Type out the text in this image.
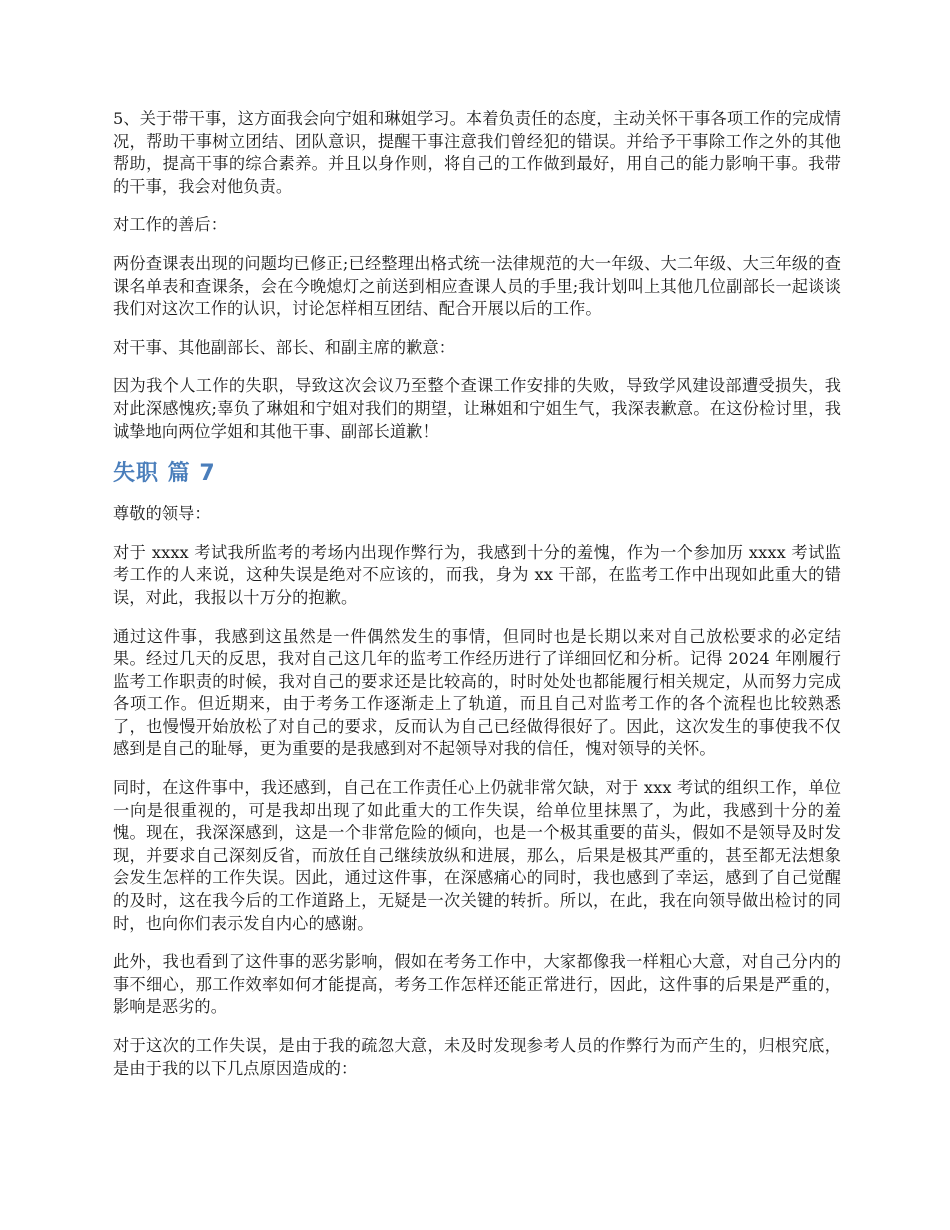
5、关于带干事，这方面我会向宁姐和琳姐学习。本着负责任的态度，主动关怀干事各项工作的完成情况，帮助干事树立团结、团队意识，提醒干事注意我们曾经犯的错误。并给予干事除工作之外的其他帮助，提高干事的综合素养。并且以身作则，将自己的工作做到最好，用自己的能力影响干事。我带的干事，我会对他负责。

对工作的善后：

两份查课表出现的问题均已修正;已经整理出格式统一法律规范的大一年级、大二年级、大三年级的查课名单表和查课条，会在今晚熄灯之前送到相应查课人员的手里;我计划叫上其他几位副部长一起谈谈我们对这次工作的认识，讨论怎样相互团结、配合开展以后的工作。

对干事、其他副部长、部长、和副主席的歉意：

因为我个人工作的失职，导致这次会议乃至整个查课工作安排的失败，导致学风建设部遭受损失，我对此深感愧疚;辜负了琳姐和宁姐对我们的期望，让琳姐和宁姐生气，我深表歉意。在这份检讨里，我诚挚地向两位学姐和其他干事、副部长道歉！

失职 篇 7

尊敬的领导：

对于 xxxx 考试我所监考的考场内出现作弊行为，我感到十分的羞愧，作为一个参加历 xxxx 考试监考工作的人来说，这种失误是绝对不应该的，而我，身为 xx 干部，在监考工作中出现如此重大的错误，对此，我报以十万分的抱歉。

通过这件事，我感到这虽然是一件偶然发生的事情，但同时也是长期以来对自己放松要求的必定结果。经过几天的反思，我对自己这几年的监考工作经历进行了详细回忆和分析。记得 2024 年刚履行监考工作职责的时候，我对自己的要求还是比较高的，时时处处也都能履行相关规定，从而努力完成各项工作。但近期来，由于考务工作逐渐走上了轨道，而且自己对监考工作的各个流程也比较熟悉了，也慢慢开始放松了对自己的要求，反而认为自己已经做得很好了。因此，这次发生的事使我不仅感到是自己的耻辱，更为重要的是我感到对不起领导对我的信任，愧对领导的关怀。

同时，在这件事中，我还感到，自己在工作责任心上仍就非常欠缺，对于 xxx 考试的组织工作，单位一向是很重视的，可是我却出现了如此重大的工作失误，给单位里抹黑了，为此，我感到十分的羞愧。现在，我深深感到，这是一个非常危险的倾向，也是一个极其重要的苗头，假如不是领导及时发现，并要求自己深刻反省，而放任自己继续放纵和进展，那么，后果是极其严重的，甚至都无法想象会发生怎样的工作失误。因此，通过这件事，在深感痛心的同时，我也感到了幸运，感到了自己觉醒的及时，这在我今后的工作道路上，无疑是一次关键的转折。所以，在此，我在向领导做出检讨的同时，也向你们表示发自内心的感谢。

此外，我也看到了这件事的恶劣影响，假如在考务工作中，大家都像我一样粗心大意，对自己分内的事不细心，那工作效率如何才能提高，考务工作怎样还能正常进行，因此，这件事的后果是严重的，影响是恶劣的。

对于这次的工作失误，是由于我的疏忽大意，未及时发现参考人员的作弊行为而产生的，归根究底，是由于我的以下几点原因造成的：
